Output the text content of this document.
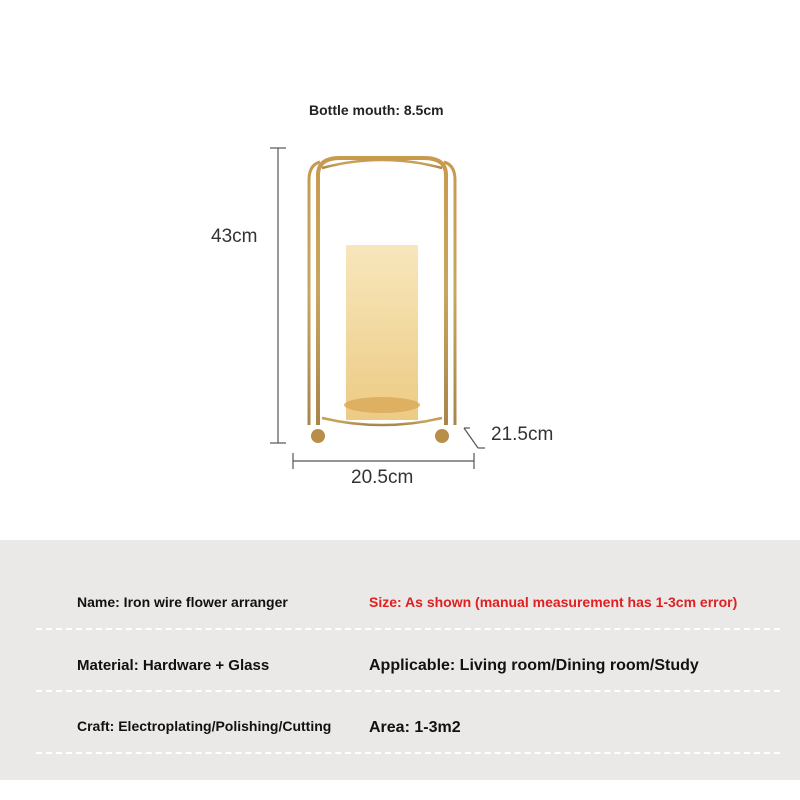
Bottle mouth: 8.5cm
43cm
21.5cm
20.5cm
Name: Iron wire flower arranger	Size: As shown (manual measurement has 1-3cm error)
Material: Hardware + Glass	Applicable: Living room/Dining room/Study
Craft: Electroplating/Polishing/Cutting Area: 1-3m2
